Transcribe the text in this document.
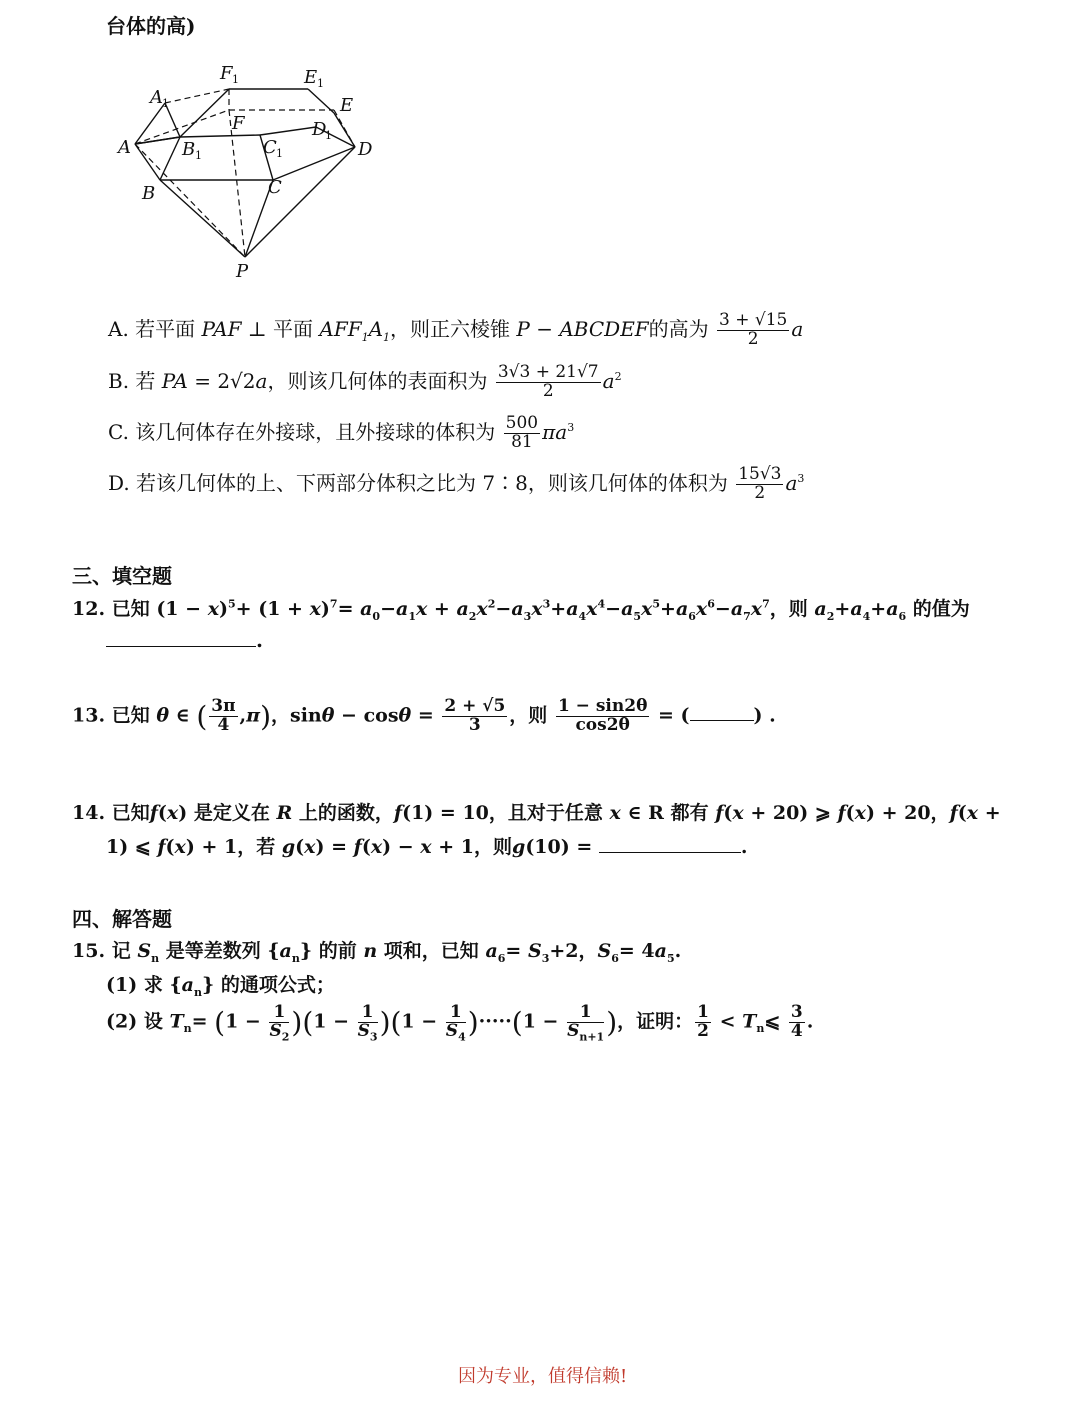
台体的高)
A 1
F 1	E 1
E
F	D
1
A	B 1	C 1	D
B	C
P
A. 若平面 PAF ⊥ 平面 $AFF_1A_1$，则正六棱锥 P − ABCDEF的高为 $\frac{3 + √15}{2}$ a
B. 若 PA = 2√2a，则该几何体的表面积为 $\frac{3√3 + 21√7}{2} a^2$
C. 该几何体存在外接球，且外接球的体积为 $\frac{500}{81} \pi a^3$
D. 若该几何体的上、下两部分体积之比为 7∶8，则该几何体的体积为 $\frac{15√3}{2} a^3$
三、填空题
12. 已知 $(1 - x)^5+ (1 + x)^7= a_0-a_1x + a_2x^2-a_3x^3+a_4x^4-a_5x^5+a_6x^6-a_7x^7$，则 $a_2+a_4+a_6$ 的值为
.
13. 已知 θ ∈ ( $\frac{3\pi}{4} ,\pi$)，$\sin\theta - \cos\theta = \frac{2 + √5}{3}$ ，则 $\frac{1 - \sin 2\theta}{\cos 2\theta}$ = (	) .
14. 已知f(x) 是定义在 R 上的函数，f(1) = 10，且对于任意 x ∈ R 都有 f(x + 20) ⩾ f(x) + 20，f(x +
1) ⩽ f(x) + 1，若 g(x) = f(x) − x + 1，则g(10) =	.
四、解答题
15. 记 $S_n$ 是等差数列 $\{a_n\}$ 的前 n 项和，已知 $a_6= S_3+2$，$S_6= 4a_5$.
(1) 求 $\{a_n\}$ 的通项公式；
(2) 设 $T_n= (1 - \frac{1}{S_2} )(1 - \frac{1}{S_3} )(1 - \frac{1}{S_4} )\cdot\cdot\cdot\cdot\cdot(1 - \frac{1}{S_{n+1}}$ )，证明： $\frac{1}{2}$ < $T_n⩽ \frac{3}{4}$ .
因为专业，值得信赖!
